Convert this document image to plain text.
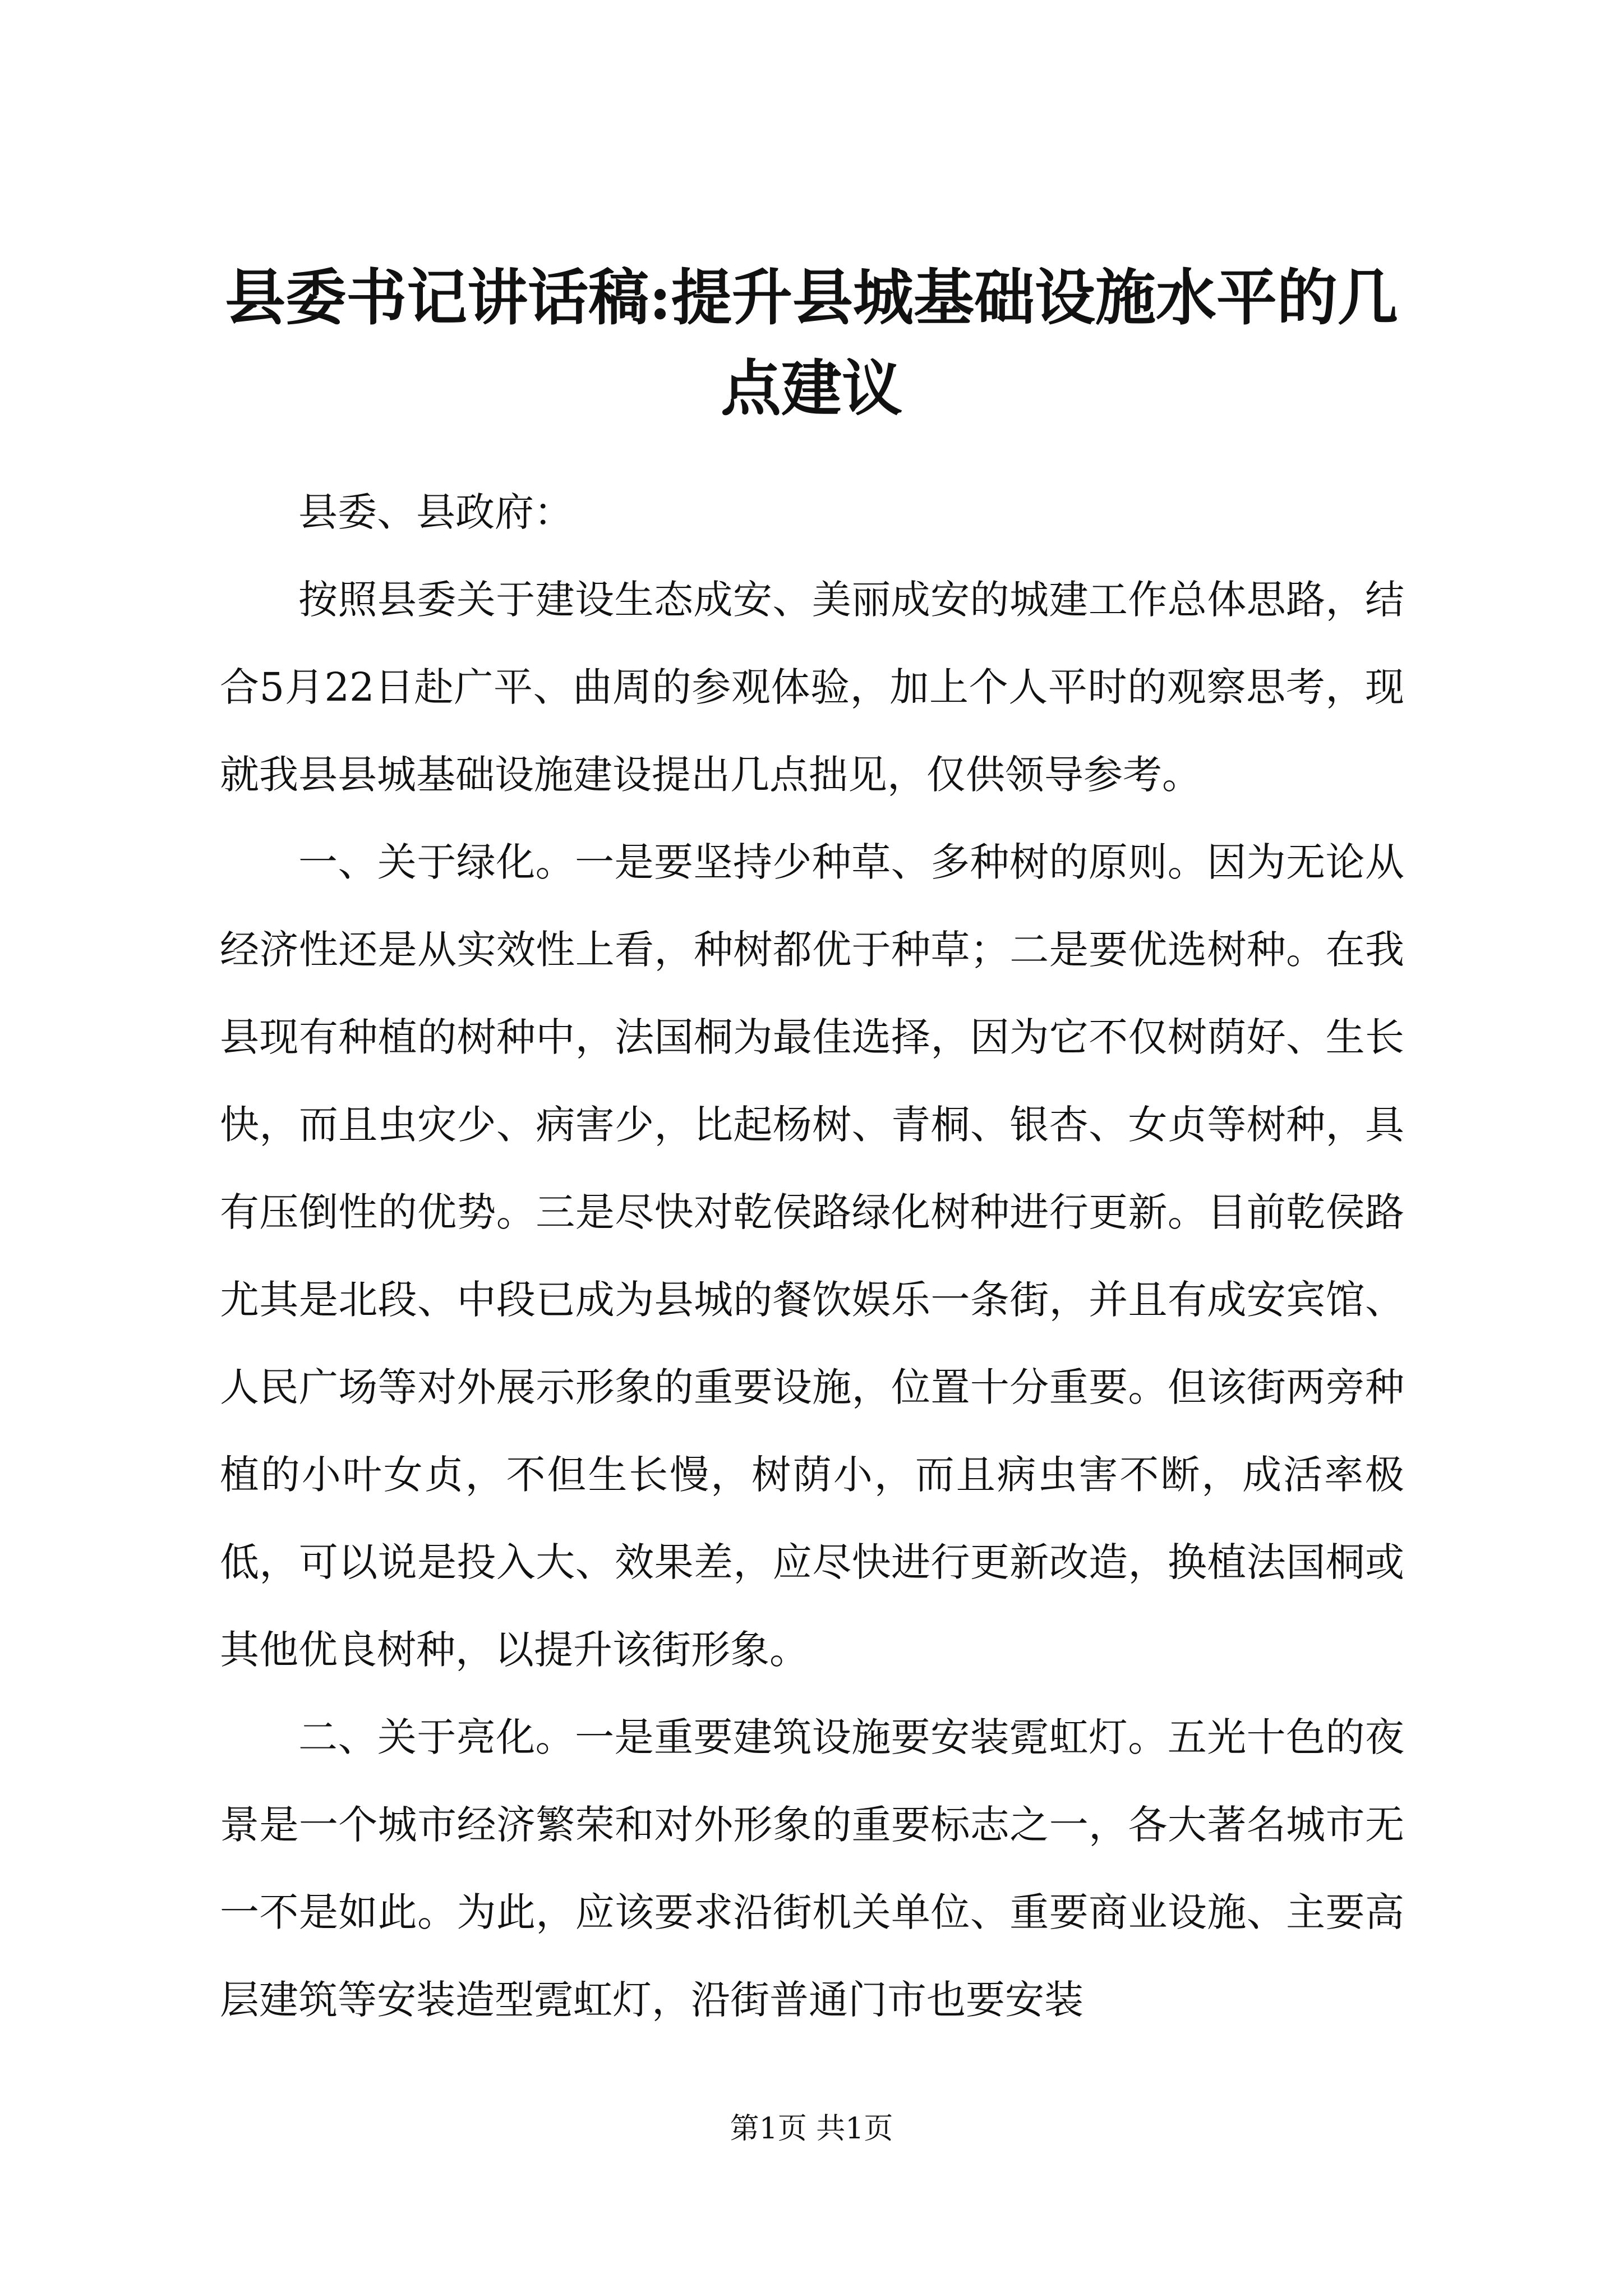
县委书记讲话稿:提升县城基础设施水平的几点建议

县委、县政府：

按照县委关于建设生态成安、美丽成安的城建工作总体思路，结合5月22日赴广平、曲周的参观体验，加上个人平时的观察思考，现就我县县城基础设施建设提出几点拙见，仅供领导参考。

一、关于绿化。一是要坚持少种草、多种树的原则。因为无论从经济性还是从实效性上看，种树都优于种草；二是要优选树种。在我县现有种植的树种中，法国桐为最佳选择，因为它不仅树荫好、生长快，而且虫灾少、病害少，比起杨树、青桐、银杏、女贞等树种，具有压倒性的优势。三是尽快对乾侯路绿化树种进行更新。目前乾侯路尤其是北段、中段已成为县城的餐饮娱乐一条街，并且有成安宾馆、人民广场等对外展示形象的重要设施，位置十分重要。但该街两旁种植的小叶女贞，不但生长慢，树荫小，而且病虫害不断，成活率极低，可以说是投入大、效果差，应尽快进行更新改造，换植法国桐或其他优良树种，以提升该街形象。

二、关于亮化。一是重要建筑设施要安装霓虹灯。五光十色的夜景是一个城市经济繁荣和对外形象的重要标志之一，各大著名城市无一不是如此。为此，应该要求沿街机关单位、重要商业设施、主要高层建筑等安装造型霓虹灯，沿街普通门市也要安装

第1页 共1页
